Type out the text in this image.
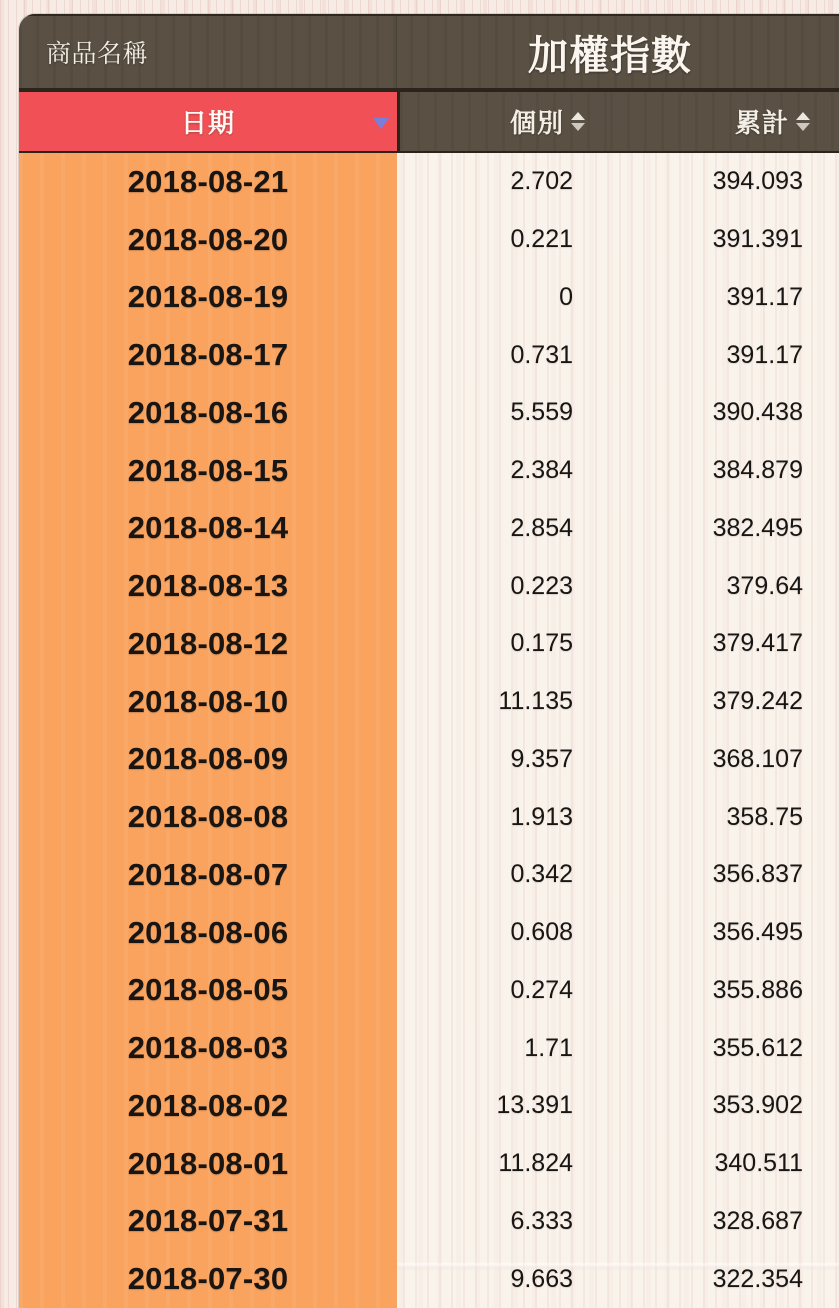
商品名稱	加權指數
日期	個別	累計
2018-08-21	2.702	394.093
2018-08-20	0.221	391.391
2018-08-19	0	391.17
2018-08-17	0.731	391.17
2018-08-16	5.559	390.438
2018-08-15	2.384	384.879
2018-08-14	2.854	382.495
2018-08-13	0.223	379.64
2018-08-12	0.175	379.417
2018-08-10	11.135	379.242
2018-08-09	9.357	368.107
2018-08-08	1.913	358.75
2018-08-07	0.342	356.837
2018-08-06	0.608	356.495
2018-08-05	0.274	355.886
2018-08-03	1.71	355.612
2018-08-02	13.391	353.902
2018-08-01	11.824	340.511
2018-07-31	6.333	328.687
2018-07-30	9.663	322.354
